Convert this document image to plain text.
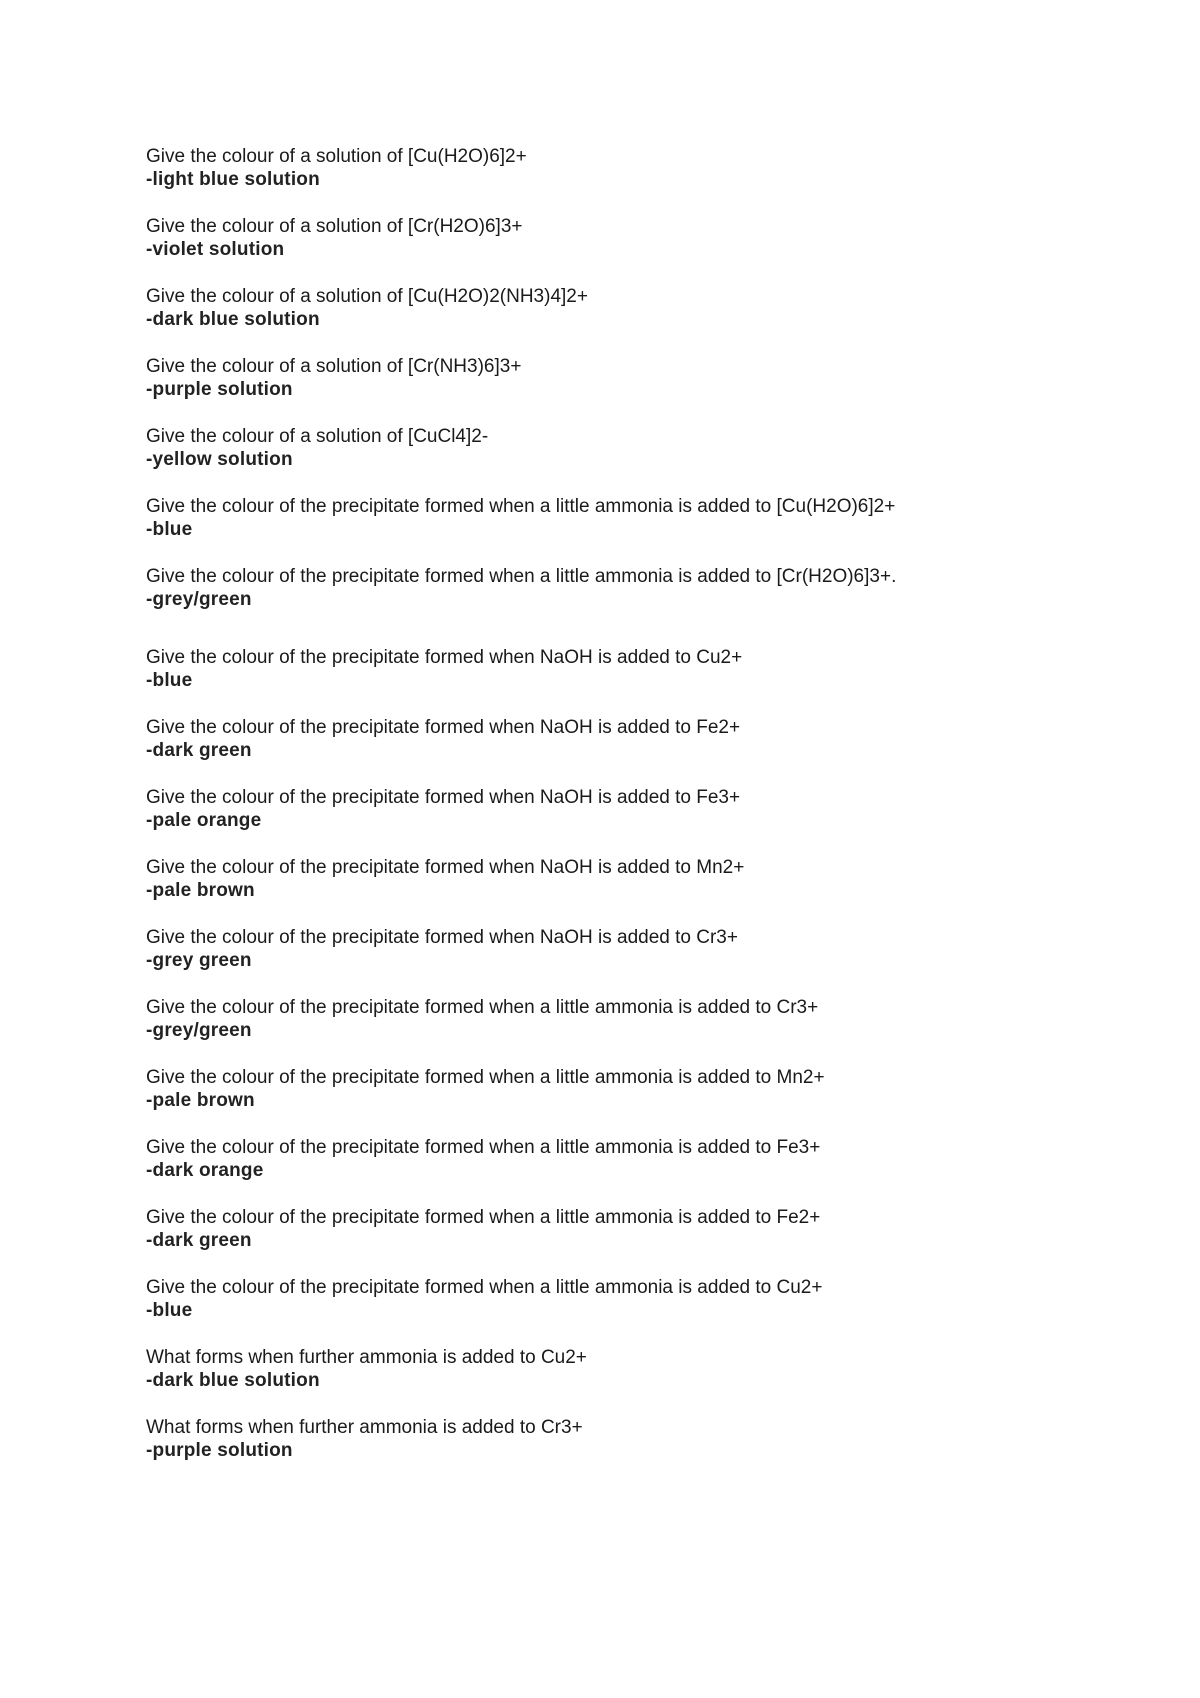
Give the colour of a solution of [Cu(H2O)6]2+
-light blue solution
Give the colour of a solution of [Cr(H2O)6]3+
-violet solution
Give the colour of a solution of [Cu(H2O)2(NH3)4]2+
-dark blue solution
Give the colour of a solution of [Cr(NH3)6]3+
-purple solution
Give the colour of a solution of [CuCl4]2-
-yellow solution
Give the colour of the precipitate formed when a little ammonia is added to [Cu(H2O)6]2+
-blue
Give the colour of the precipitate formed when a little ammonia is added to [Cr(H2O)6]3+.
-grey/green
Give the colour of the precipitate formed when NaOH is added to Cu2+
-blue
Give the colour of the precipitate formed when NaOH is added to Fe2+
-dark green
Give the colour of the precipitate formed when NaOH is added to Fe3+
-pale orange
Give the colour of the precipitate formed when NaOH is added to Mn2+
-pale brown
Give the colour of the precipitate formed when NaOH is added to Cr3+
-grey green
Give the colour of the precipitate formed when a little ammonia is added to Cr3+
-grey/green
Give the colour of the precipitate formed when a little ammonia is added to Mn2+
-pale brown
Give the colour of the precipitate formed when a little ammonia is added to Fe3+
-dark orange
Give the colour of the precipitate formed when a little ammonia is added to Fe2+
-dark green
Give the colour of the precipitate formed when a little ammonia is added to Cu2+
-blue
What forms when further ammonia is added to Cu2+
-dark blue solution
What forms when further ammonia is added to Cr3+
-purple solution
